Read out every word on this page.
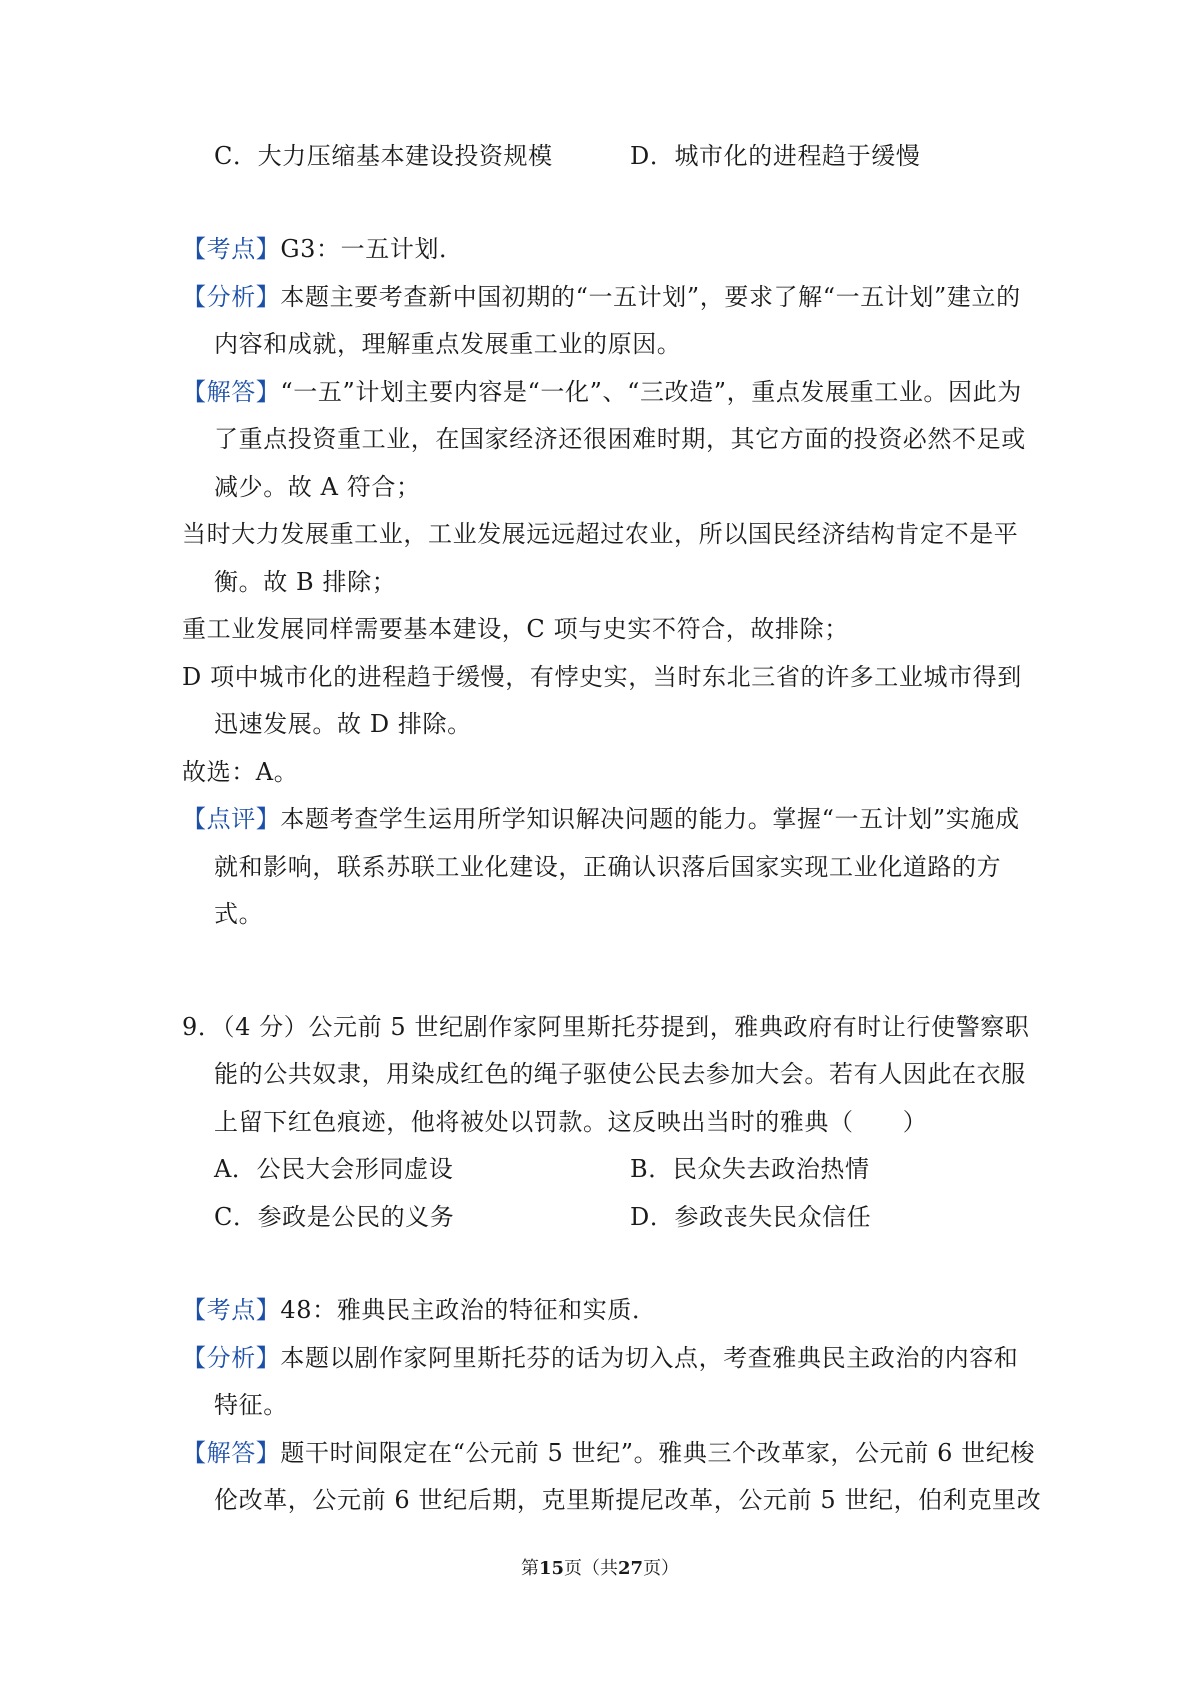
C．大力压缩基本建设投资规模	D．城市化的进程趋于缓慢
【考点】G3：一五计划．
【分析】本题主要考查新中国初期的“一五计划”，要求了解“一五计划”建立的
内容和成就，理解重点发展重工业的原因。
【解答】“一五”计划主要内容是“一化”、“三改造”，重点发展重工业。因此为
了重点投资重工业，在国家经济还很困难时期，其它方面的投资必然不足或
减少。故 A 符合；
当时大力发展重工业，工业发展远远超过农业，所以国民经济结构肯定不是平
衡。故 B 排除；
重工业发展同样需要基本建设，C 项与史实不符合，故排除；
D 项中城市化的进程趋于缓慢，有悖史实，当时东北三省的许多工业城市得到
迅速发展。故 D 排除。
故选：A。
【点评】本题考查学生运用所学知识解决问题的能力。掌握“一五计划”实施成
就和影响，联系苏联工业化建设，正确认识落后国家实现工业化道路的方
式。
9．（4 分）公元前 5 世纪剧作家阿里斯托芬提到，雅典政府有时让行使警察职
能的公共奴隶，用染成红色的绳子驱使公民去参加大会。若有人因此在衣服
上留下红色痕迹，他将被处以罚款。这反映出当时的雅典（　　）
A．公民大会形同虚设	B．民众失去政治热情
C．参政是公民的义务	D．参政丧失民众信任
【考点】48：雅典民主政治的特征和实质．
【分析】本题以剧作家阿里斯托芬的话为切入点，考查雅典民主政治的内容和
特征。
【解答】题干时间限定在“公元前 5 世纪”。雅典三个改革家，公元前 6 世纪梭
伦改革，公元前 6 世纪后期，克里斯提尼改革，公元前 5 世纪，伯利克里改
第15页（共27页）
